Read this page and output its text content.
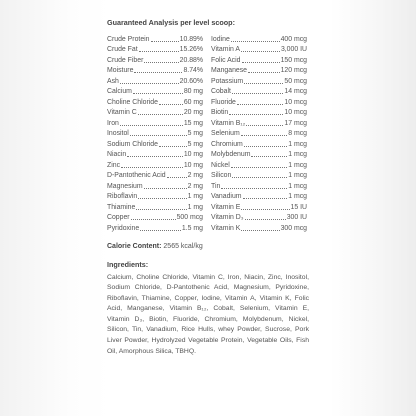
Guaranteed Analysis per level scoop:
Crude Protein	10.89%
Crude Fat	15.26%
Crude Fiber	20.88%
Moisture	8.74%
Ash	20.60%
Calcium	80 mg
Choline Chloride	60 mg
Vitamin C	20 mg
Iron	15 mg
Inositol	5 mg
Sodium Chloride	5 mg
Niacin	10 mg
Zinc	10 mg
D-Pantothenic Acid	2 mg
Magnesium	2 mg
Riboflavin	1 mg
Thiamine	1 mg
Copper	500 mcg
Pyridoxine	1.5 mg
Iodine	400 mcg
Vitamin A	3,000 IU
Folic Acid	150 mcg
Manganese	120 mcg
Potassium	50 mcg
Cobalt	14 mcg
Fluoride	10 mcg
Biotin	10 mcg
Vitamin B₁₂	17 mcg
Selenium	8 mcg
Chromium	1 mcg
Molybdenum	1 mcg
Nickel	1 mcg
Silicon	1 mcg
Tin	1 mcg
Vanadium	1 mcg
Vitamin E	15 IU
Vitamin D₃	300 IU
Vitamin K	300 mcg
Calorie Content: 2565 kcal/kg
Ingredients:
Calcium, Choline Chloride, Vitamin C, Iron, Niacin, Zinc, Inositol, Sodium Chloride, D-Pantothenic Acid, Magnesium, Pyridoxine, Riboflavin, Thiamine, Copper, Iodine, Vitamin A, Vitamin K, Folic Acid, Manganese, Vitamin B₁₂, Cobalt, Selenium, Vitamin E, Vitamin D₃, Biotin, Fluoride, Chromium, Molybdenum, Nickel, Silicon, Tin, Vanadium, Rice Hulls, whey Powder, Sucrose, Pork Liver Powder, Hydrolyzed Vegetable Protein, Vegetable Oils, Fish Oil, Amorphous Silica, TBHQ.
